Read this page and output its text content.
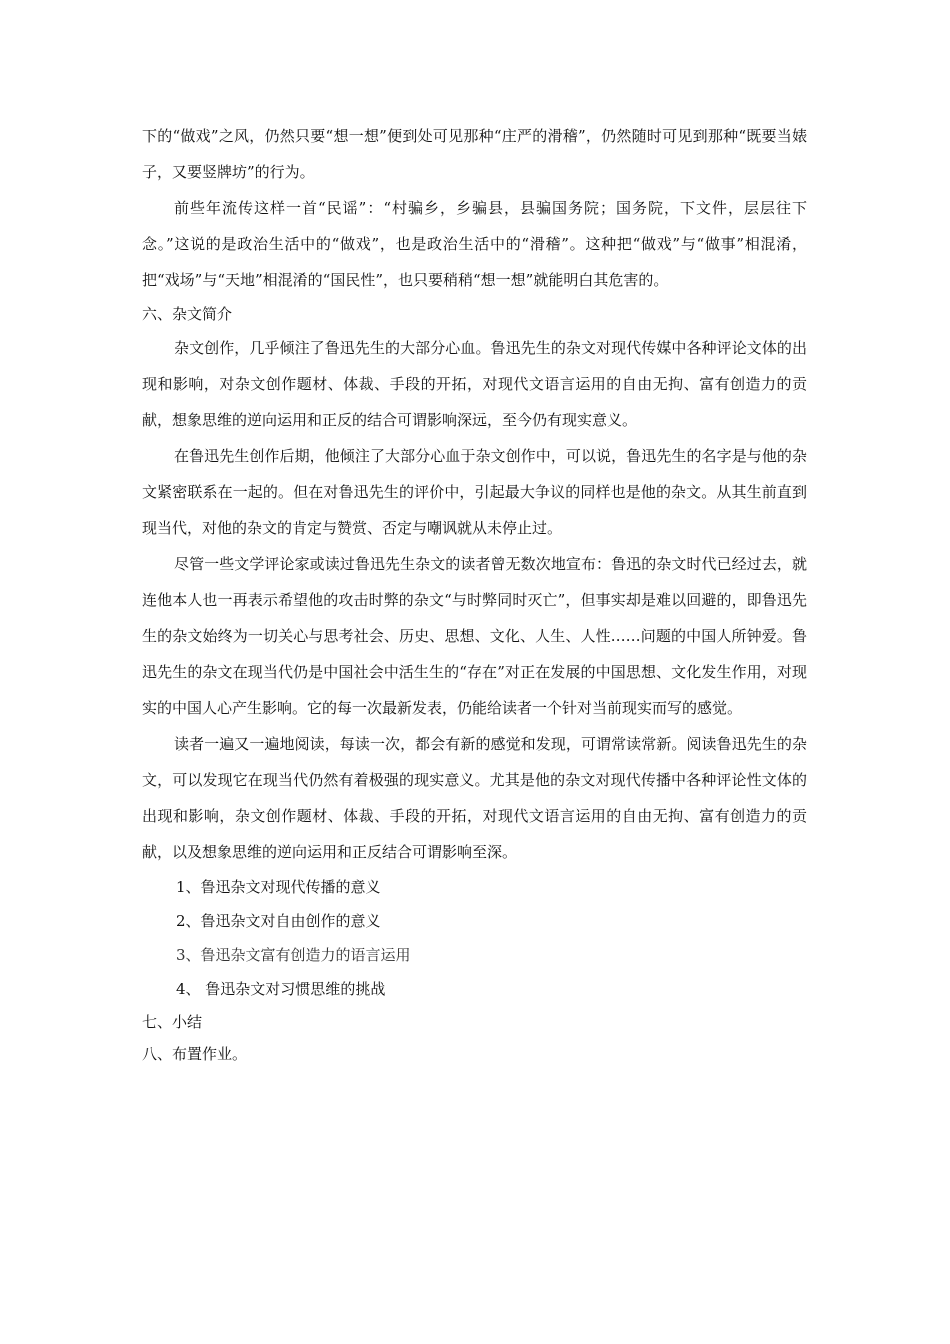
下的“做戏”之风，仍然只要“想一想”便到处可见那种“庄严的滑稽”，仍然随时可见到那种“既要当婊子，又要竖牌坊”的行为。

前些年流传这样一首“民谣”：“村骗乡，乡骗县，县骗国务院；国务院，下文件，层层往下念。”这说的是政治生活中的“做戏”，也是政治生活中的“滑稽”。这种把“做戏”与“做事”相混淆，把“戏场”与“天地”相混淆的“国民性”，也只要稍稍“想一想”就能明白其危害的。

六、杂文简介

杂文创作，几乎倾注了鲁迅先生的大部分心血。鲁迅先生的杂文对现代传媒中各种评论文体的出现和影响，对杂文创作题材、体裁、手段的开拓，对现代文语言运用的自由无拘、富有创造力的贡献，想象思维的逆向运用和正反的结合可谓影响深远，至今仍有现实意义。

在鲁迅先生创作后期，他倾注了大部分心血于杂文创作中，可以说，鲁迅先生的名字是与他的杂文紧密联系在一起的。但在对鲁迅先生的评价中，引起最大争议的同样也是他的杂文。从其生前直到现当代，对他的杂文的肯定与赞赏、否定与嘲讽就从未停止过。

尽管一些文学评论家或读过鲁迅先生杂文的读者曾无数次地宣布：鲁迅的杂文时代已经过去，就连他本人也一再表示希望他的攻击时弊的杂文“与时弊同时灭亡”，但事实却是难以回避的，即鲁迅先生的杂文始终为一切关心与思考社会、历史、思想、文化、人生、人性……问题的中国人所钟爱。鲁迅先生的杂文在现当代仍是中国社会中活生生的“存在”对正在发展的中国思想、文化发生作用，对现实的中国人心产生影响。它的每一次最新发表，仍能给读者一个针对当前现实而写的感觉。

读者一遍又一遍地阅读，每读一次，都会有新的感觉和发现，可谓常读常新。阅读鲁迅先生的杂文，可以发现它在现当代仍然有着极强的现实意义。尤其是他的杂文对现代传播中各种评论性文体的出现和影响，杂文创作题材、体裁、手段的开拓，对现代文语言运用的自由无拘、富有创造力的贡献，以及想象思维的逆向运用和正反结合可谓影响至深。

1、鲁迅杂文对现代传播的意义
2、鲁迅杂文对自由创作的意义
3、鲁迅杂文富有创造力的语言运用
4、 鲁迅杂文对习惯思维的挑战

七、小结

八、布置作业。
